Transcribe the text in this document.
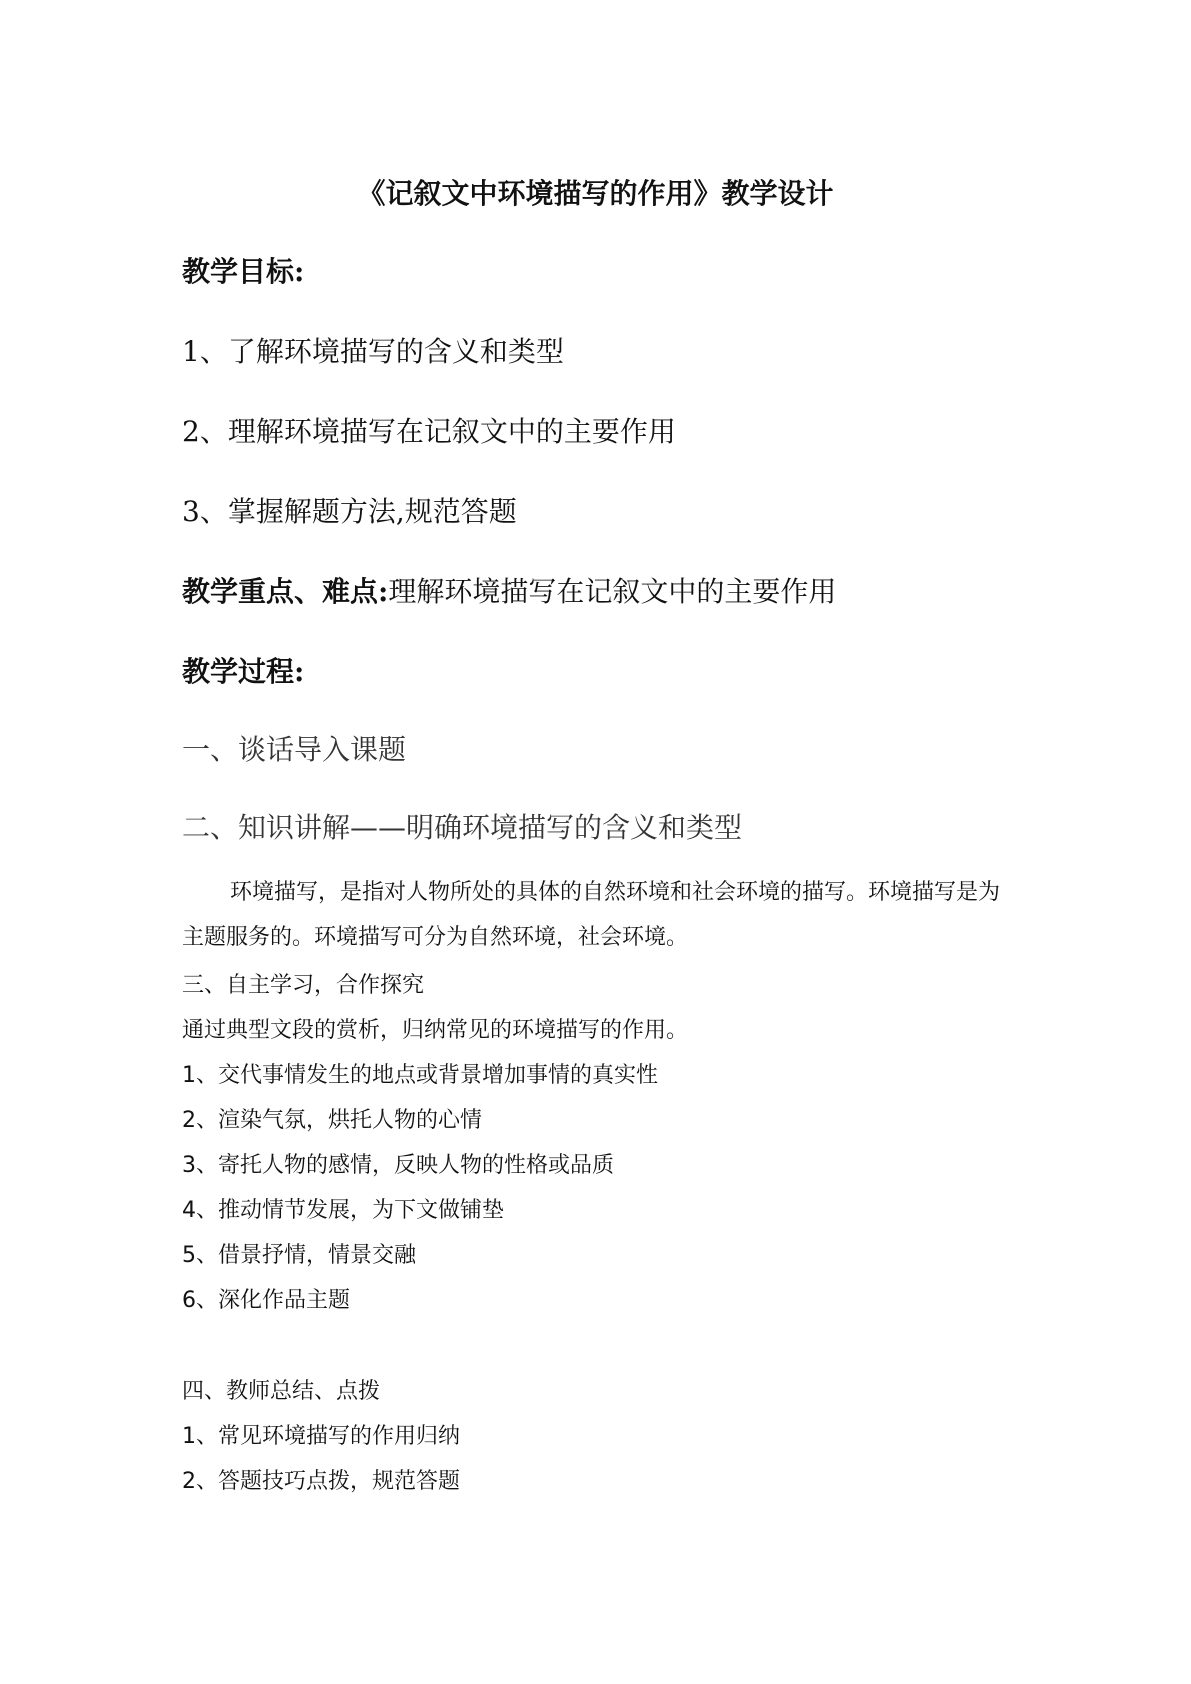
《记叙文中环境描写的作用》教学设计
教学目标:
1、了解环境描写的含义和类型
2、理解环境描写在记叙文中的主要作用
3、掌握解题方法,规范答题
教学重点、难点:理解环境描写在记叙文中的主要作用
教学过程:
一、谈话导入课题
二、知识讲解——明确环境描写的含义和类型
环境描写，是指对人物所处的具体的自然环境和社会环境的描写。环境描写是为主题服务的。环境描写可分为自然环境，社会环境。
三、自主学习，合作探究
通过典型文段的赏析，归纳常见的环境描写的作用。
1、交代事情发生的地点或背景增加事情的真实性
2、渲染气氛，烘托人物的心情
3、寄托人物的感情，反映人物的性格或品质
4、推动情节发展，为下文做铺垫
5、借景抒情，情景交融
6、深化作品主题
四、教师总结、点拨
1、常见环境描写的作用归纳
2、答题技巧点拨，规范答题
